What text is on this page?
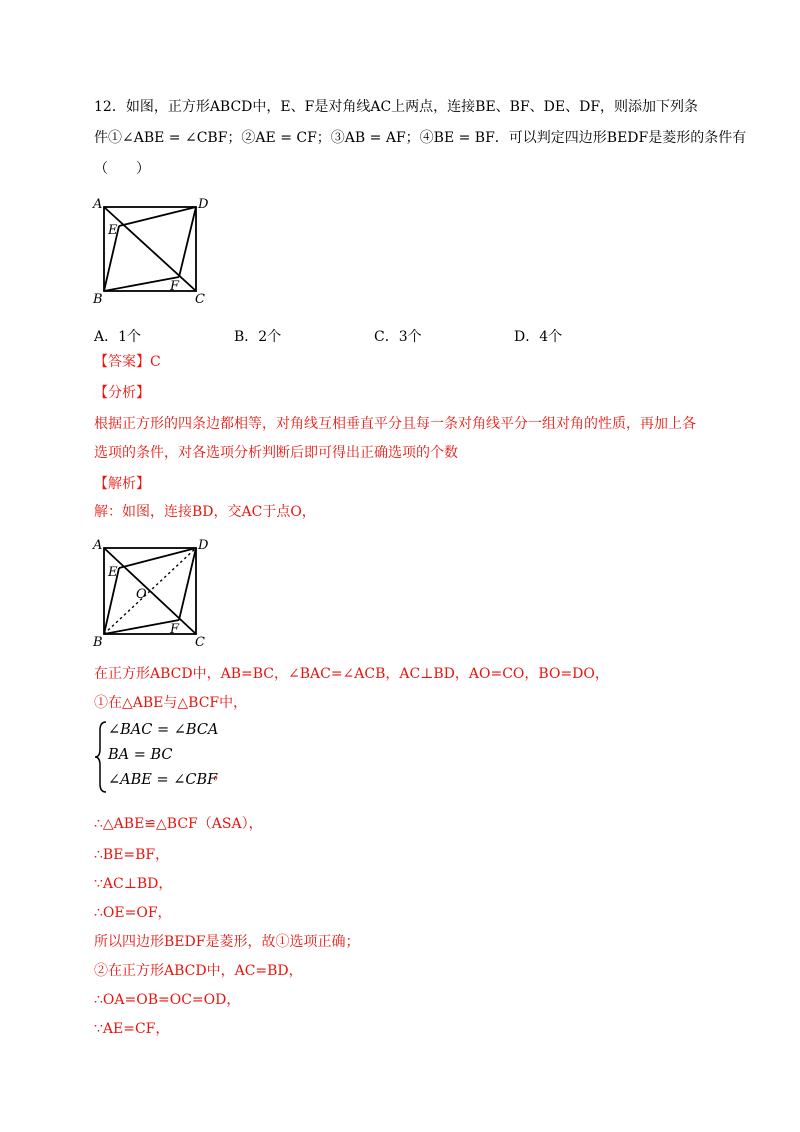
12．如图，正方形ABCD中，E、F是对角线AC上两点，连接BE、BF、DE、DF，则添加下列条
件①∠ABE = ∠CBF；②AE = CF；③AB = AF；④BE = BF．可以判定四边形BEDF是菱形的条件有
（　　）
A	D
B	C
E
F
A．1个	B．2个	C．3个	D．4个
【答案】C
【分析】
根据正方形的四条边都相等，对角线互相垂直平分且每一条对角线平分一组对角的性质，再加上各
选项的条件，对各选项分析判断后即可得出正确选项的个数
【解析】
解：如图，连接BD，交AC于点O，
A	D
B	C
E
F
O
在正方形ABCD中，AB=BC，∠BAC=∠ACB，AC⊥BD，AO=CO，BO=DO，
①在△ABE与△BCF中，
∠BAC = ∠BCA
BA = BC
∠ABE = ∠CBF
，
∴△ABE≌△BCF（ASA），
∴BE=BF，
∵AC⊥BD，
∴OE=OF，
所以四边形BEDF是菱形，故①选项正确；
②在正方形ABCD中，AC=BD，
∴OA=OB=OC=OD，
∵AE=CF，
